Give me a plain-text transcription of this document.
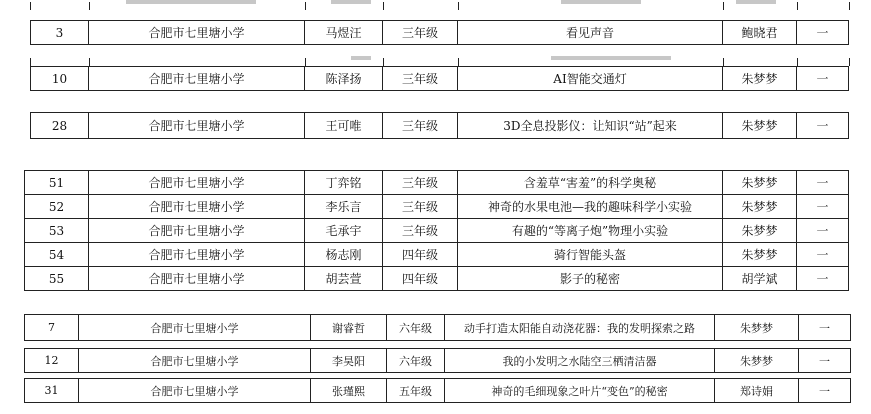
3	合肥市七里塘小学	马煜汪	三年级	看见声音	鲍晓君	一
10	合肥市七里塘小学	陈泽扬	三年级	AI智能交通灯	朱梦梦	一
28	合肥市七里塘小学	王可唯	三年级	3D全息投影仪：让知识“站”起来	朱梦梦	一
51	合肥市七里塘小学	丁弈铭	三年级	含羞草“害羞”的科学奥秘	朱梦梦	一
52	合肥市七里塘小学	李乐言	三年级	神奇的水果电池—我的趣味科学小实验	朱梦梦	一
53	合肥市七里塘小学	毛承宇	三年级	有趣的“等离子炮”物理小实验	朱梦梦	一
54	合肥市七里塘小学	杨志刚	四年级	骑行智能头盔	朱梦梦	一
55	合肥市七里塘小学	胡芸萱	四年级	影子的秘密	胡学斌	一
7	合肥市七里塘小学	谢睿哲	六年级	动手打造太阳能自动浇花器：我的发明探索之路	朱梦梦	一
12	合肥市七里塘小学	李昊阳	六年级	我的小发明之水陆空三栖清洁器	朱梦梦	一
31	合肥市七里塘小学	张瑾熙	五年级	神奇的毛细现象之叶片“变色”的秘密	郑诗娟	一
